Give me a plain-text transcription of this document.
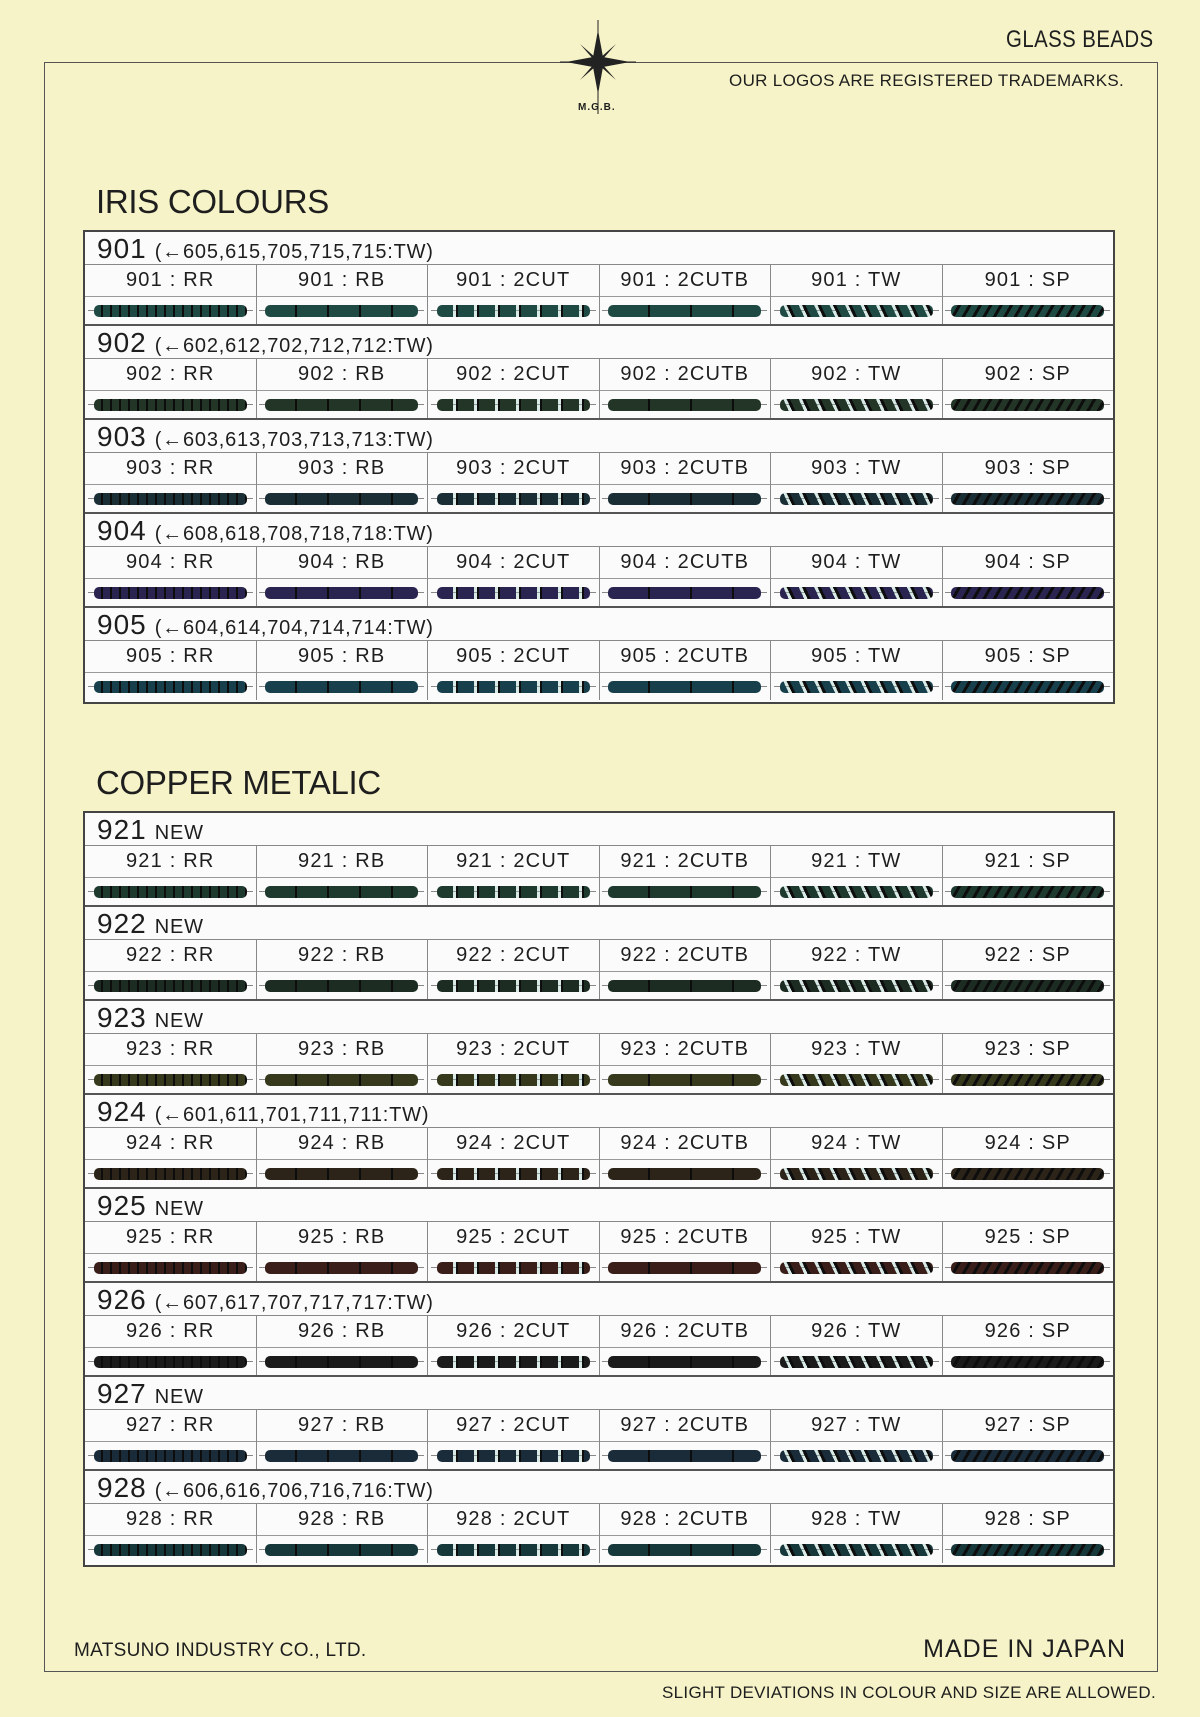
GLASS BEADS
M.G.B.
OUR LOGOS ARE REGISTERED TRADEMARKS.
IRIS COLOURS
901 (←605,615,705,715,715:TW)
901 : RR	901 : RB	901 : 2CUT	901 : 2CUTB	901 : TW	901 : SP
902 (←602,612,702,712,712:TW)
902 : RR	902 : RB	902 : 2CUT	902 : 2CUTB	902 : TW	902 : SP
903 (←603,613,703,713,713:TW)
903 : RR	903 : RB	903 : 2CUT	903 : 2CUTB	903 : TW	903 : SP
904 (←608,618,708,718,718:TW)
904 : RR	904 : RB	904 : 2CUT	904 : 2CUTB	904 : TW	904 : SP
905 (←604,614,704,714,714:TW)
905 : RR	905 : RB	905 : 2CUT	905 : 2CUTB	905 : TW	905 : SP
COPPER METALIC
921 NEW
921 : RR	921 : RB	921 : 2CUT	921 : 2CUTB	921 : TW	921 : SP
922 NEW
922 : RR	922 : RB	922 : 2CUT	922 : 2CUTB	922 : TW	922 : SP
923 NEW
923 : RR	923 : RB	923 : 2CUT	923 : 2CUTB	923 : TW	923 : SP
924 (←601,611,701,711,711:TW)
924 : RR	924 : RB	924 : 2CUT	924 : 2CUTB	924 : TW	924 : SP
925 NEW
925 : RR	925 : RB	925 : 2CUT	925 : 2CUTB	925 : TW	925 : SP
926 (←607,617,707,717,717:TW)
926 : RR	926 : RB	926 : 2CUT	926 : 2CUTB	926 : TW	926 : SP
927 NEW
927 : RR	927 : RB	927 : 2CUT	927 : 2CUTB	927 : TW	927 : SP
928 (←606,616,706,716,716:TW)
928 : RR	928 : RB	928 : 2CUT	928 : 2CUTB	928 : TW	928 : SP
MATSUNO INDUSTRY CO., LTD.	MADE IN JAPAN
SLIGHT DEVIATIONS IN COLOUR AND SIZE ARE ALLOWED.
